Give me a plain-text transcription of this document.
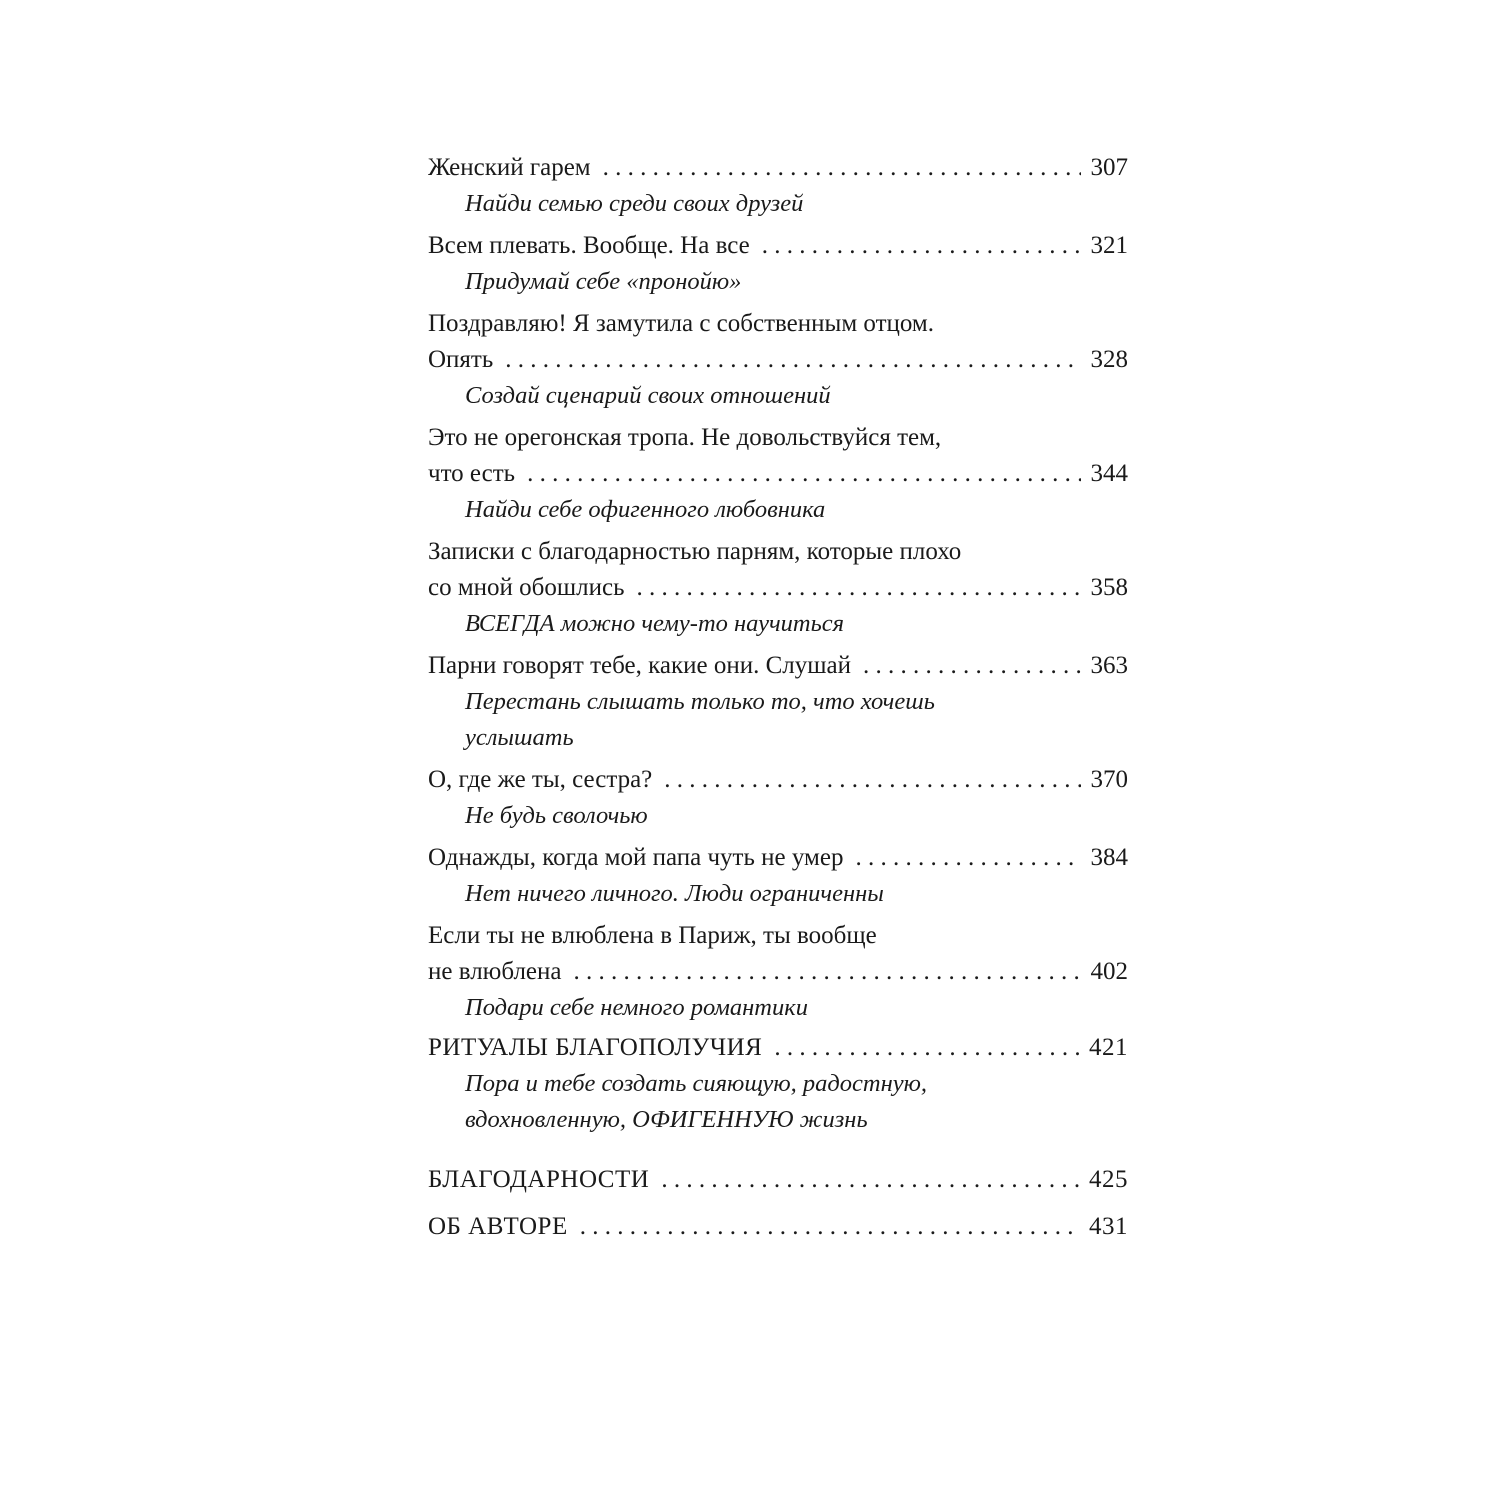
Женский гарем . . .	307
Найди семью среди своих друзей
Всем плевать. Вообще. На все . . .	321
Придумай себе «пронойю»
Поздравляю! Я замутила с собственным отцом.
Опять . . .	328
Создай сценарий своих отношений
Это не орегонская тропа. Не довольствуйся тем,
что есть . . .	344
Найди себе офигенного любовника
Записки с благодарностью парням, которые плохо
со мной обошлись . . .	358
ВСЕГДА можно чему-то научиться
Парни говорят тебе, какие они. Слушай . . .	363
Перестань слышать только то, что хочешь
услышать
О, где же ты, сестра? . . .	370
Не будь сволочью
Однажды, когда мой папа чуть не умер . . .	384
Нет ничего личного. Люди ограниченны
Если ты не влюблена в Париж, ты вообще
не влюблена . . .	402
Подари себе немного романтики
РИТУАЛЫ БЛАГОПОЛУЧИЯ . . .	421
Пора и тебе создать сияющую, радостную,
вдохновленную, ОФИГЕННУЮ жизнь
БЛАГОДАРНОСТИ . . .	425
ОБ АВТОРЕ . . .	431
